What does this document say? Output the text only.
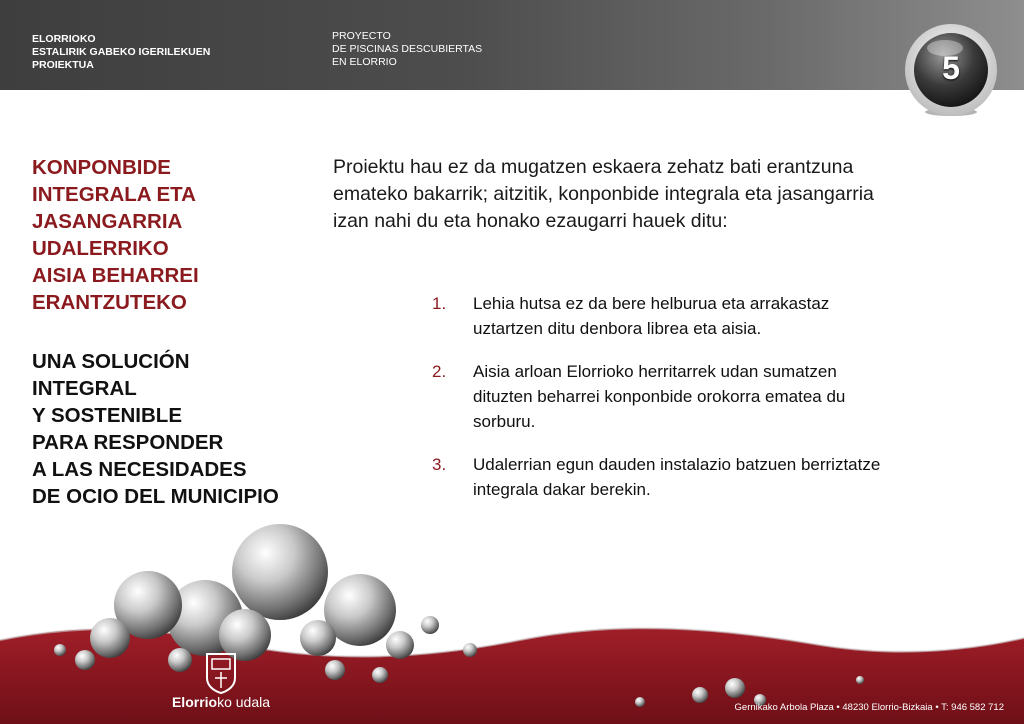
ELORRIOKO
ESTALIRIK GABEKO IGERILEKUEN
PROIEKTUA
PROYECTO
DE PISCINAS DESCUBIERTAS
EN ELORRIO	5
KONPONBIDE
INTEGRALA ETA
JASANGARRIA
UDALERRIKO
AISIA BEHARREI
ERANTZUTEKO
UNA SOLUCIÓN
INTEGRAL
Y SOSTENIBLE
PARA RESPONDER
A LAS NECESIDADES
DE OCIO DEL MUNICIPIO
Proiektu hau ez da mugatzen eskaera zehatz bati erantzuna
emateko bakarrik; aitzitik, konponbide integrala eta jasangarria
izan nahi du eta honako ezaugarri hauek ditu:
1. Lehia hutsa ez da bere helburua eta arrakastaz
uztartzen ditu denbora librea eta aisia.
2. Aisia arloan Elorrioko herritarrek udan sumatzen
dituzten beharrei konponbide orokorra ematea du
sorburu.
3. Udalerrian egun dauden instalazio batzuen berriztatze
integrala dakar berekin.
Elorrioko udala	Gernikako Arbola Plaza • 48230 Elorrio-Bizkaia • T: 946 582 712
